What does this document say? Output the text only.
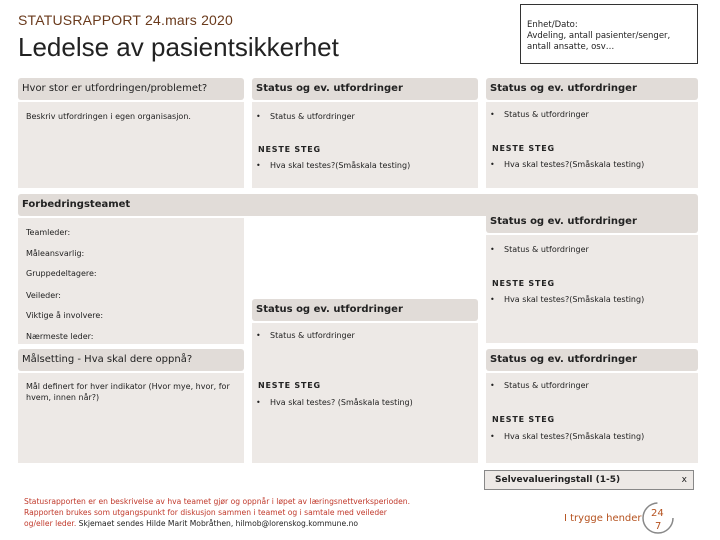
STATUSRAPPORT 24.mars 2020
Ledelse av pasientsikkerhet

Enhet/Dato:
Avdeling, antall pasienter/senger, antall ansatte, osv…

Hvor stor er utfordringen/problemet?
Beskriv utfordringen i egen organisasjon.
Forbedringsteamet
Teamleder:
Måleansvarlig:
Gruppedeltagere:
Veileder:
Viktige å involvere:
Nærmeste leder:
Målsetting - Hva skal dere oppnå?
Mål definert for hver indikator (Hvor mye, hvor, for hvem, innen når?)
Status og ev. utfordringer
• Status & utfordringer
NESTE STEG
• Hva skal testes?(Småskala testing)
Status og ev. utfordringer
• Status & utfordringer
NESTE STEG
• Hva skal testes? (Småskala testing)
Status og ev. utfordringer
• Status & utfordringer
NESTE STEG
• Hva skal testes?(Småskala testing)
Status og ev. utfordringer
• Status & utfordringer
NESTE STEG
• Hva skal testes?(Småskala testing)
Status og ev. utfordringer
• Status & utfordringer
NESTE STEG
• Hva skal testes?(Småskala testing)
Selvevalueringstall (1-5)	x
Statusrapporten er en beskrivelse av hva teamet gjør og oppnår i løpet av læringsnettverksperioden.
Rapporten brukes som utgangspunkt for diskusjon sammen i teamet og i samtale med veileder
og/eller leder. Skjemaet sendes Hilde Marit Mobråthen, hilmob@lorenskog.kommune.no	I trygge hender 24
7
